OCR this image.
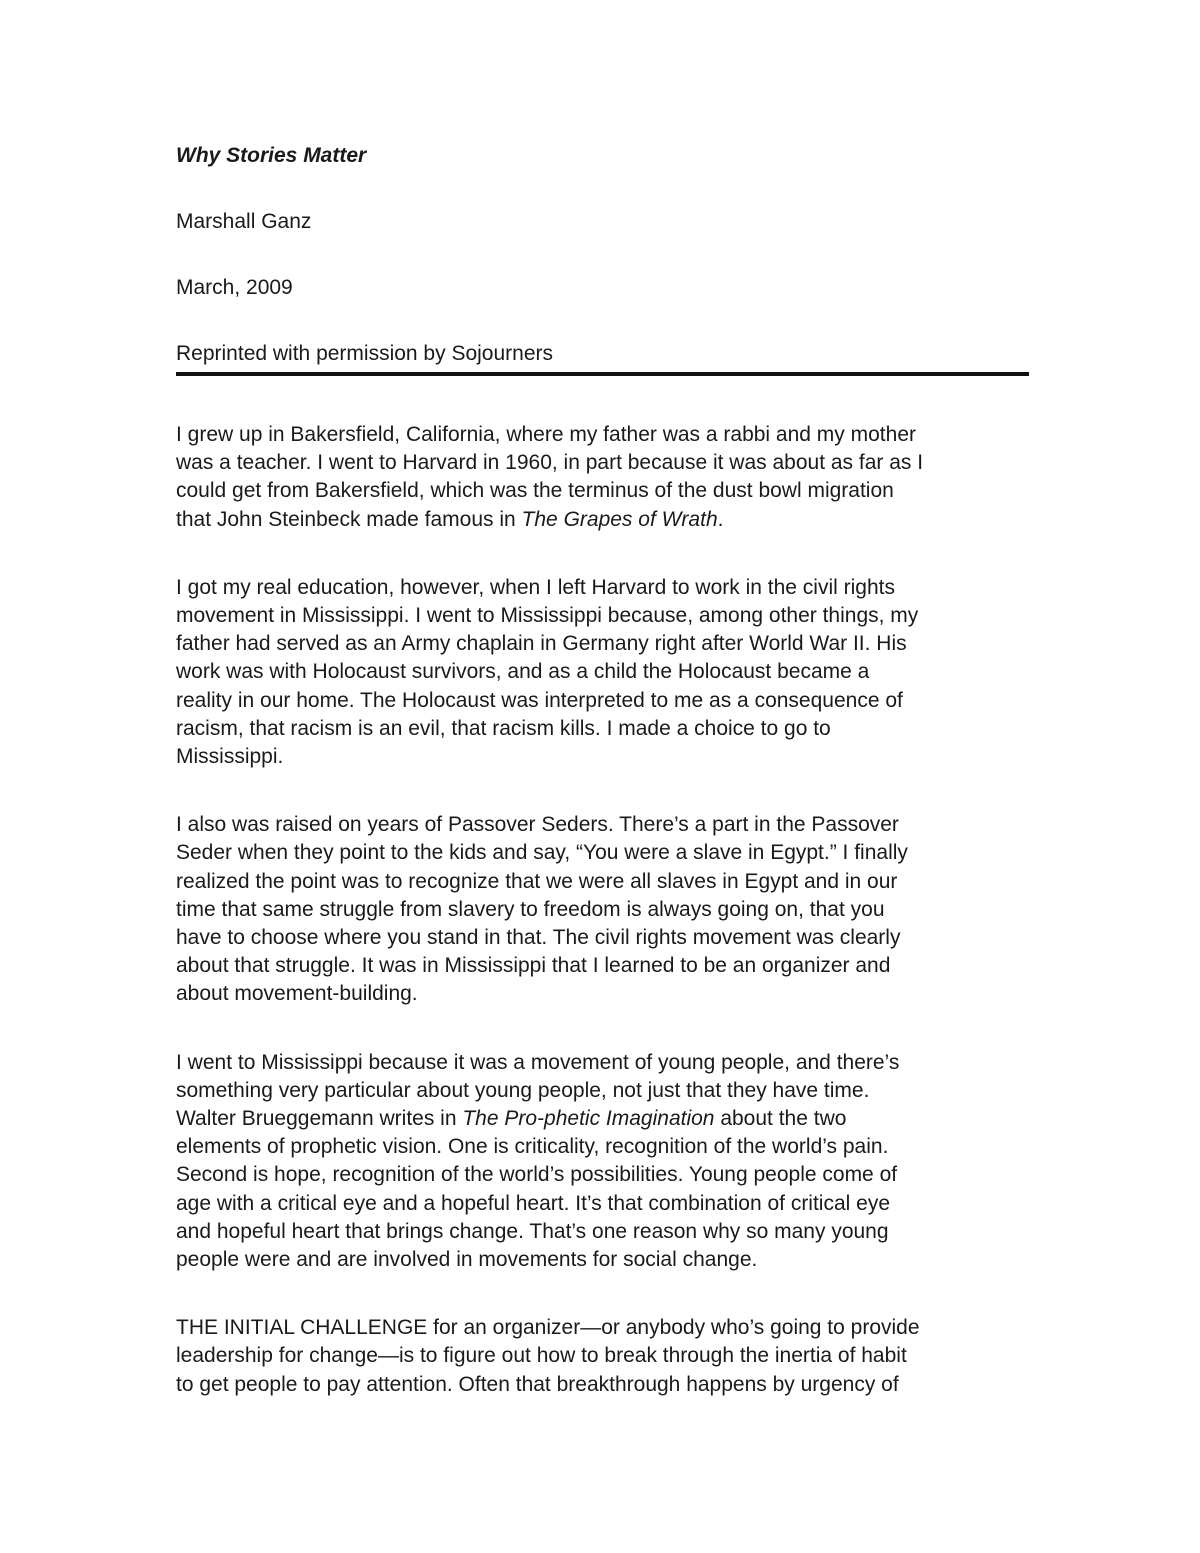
Why Stories Matter

Marshall Ganz

March, 2009

Reprinted with permission by Sojourners

I grew up in Bakersfield, California, where my father was a rabbi and my mother
was a teacher. I went to Harvard in 1960, in part because it was about as far as I
could get from Bakersfield, which was the terminus of the dust bowl migration
that John Steinbeck made famous in The Grapes of Wrath.

I got my real education, however, when I left Harvard to work in the civil rights
movement in Mississippi. I went to Mississippi because, among other things, my
father had served as an Army chaplain in Germany right after World War II. His
work was with Holocaust survivors, and as a child the Holocaust became a
reality in our home. The Holocaust was interpreted to me as a consequence of
racism, that racism is an evil, that racism kills. I made a choice to go to
Mississippi.

I also was raised on years of Passover Seders. There’s a part in the Passover
Seder when they point to the kids and say, “You were a slave in Egypt.” I finally
realized the point was to recognize that we were all slaves in Egypt and in our
time that same struggle from slavery to freedom is always going on, that you
have to choose where you stand in that. The civil rights movement was clearly
about that struggle. It was in Mississippi that I learned to be an organizer and
about movement-building.

I went to Mississippi because it was a movement of young people, and there’s
something very particular about young people, not just that they have time.
Walter Brueggemann writes in The Pro-phetic Imagination about the two
elements of prophetic vision. One is criticality, recognition of the world’s pain.
Second is hope, recognition of the world’s possibilities. Young people come of
age with a critical eye and a hopeful heart. It’s that combination of critical eye
and hopeful heart that brings change. That’s one reason why so many young
people were and are involved in movements for social change.

THE INITIAL CHALLENGE for an organizer—or anybody who’s going to provide
leadership for change—is to figure out how to break through the inertia of habit
to get people to pay attention. Often that breakthrough happens by urgency of
